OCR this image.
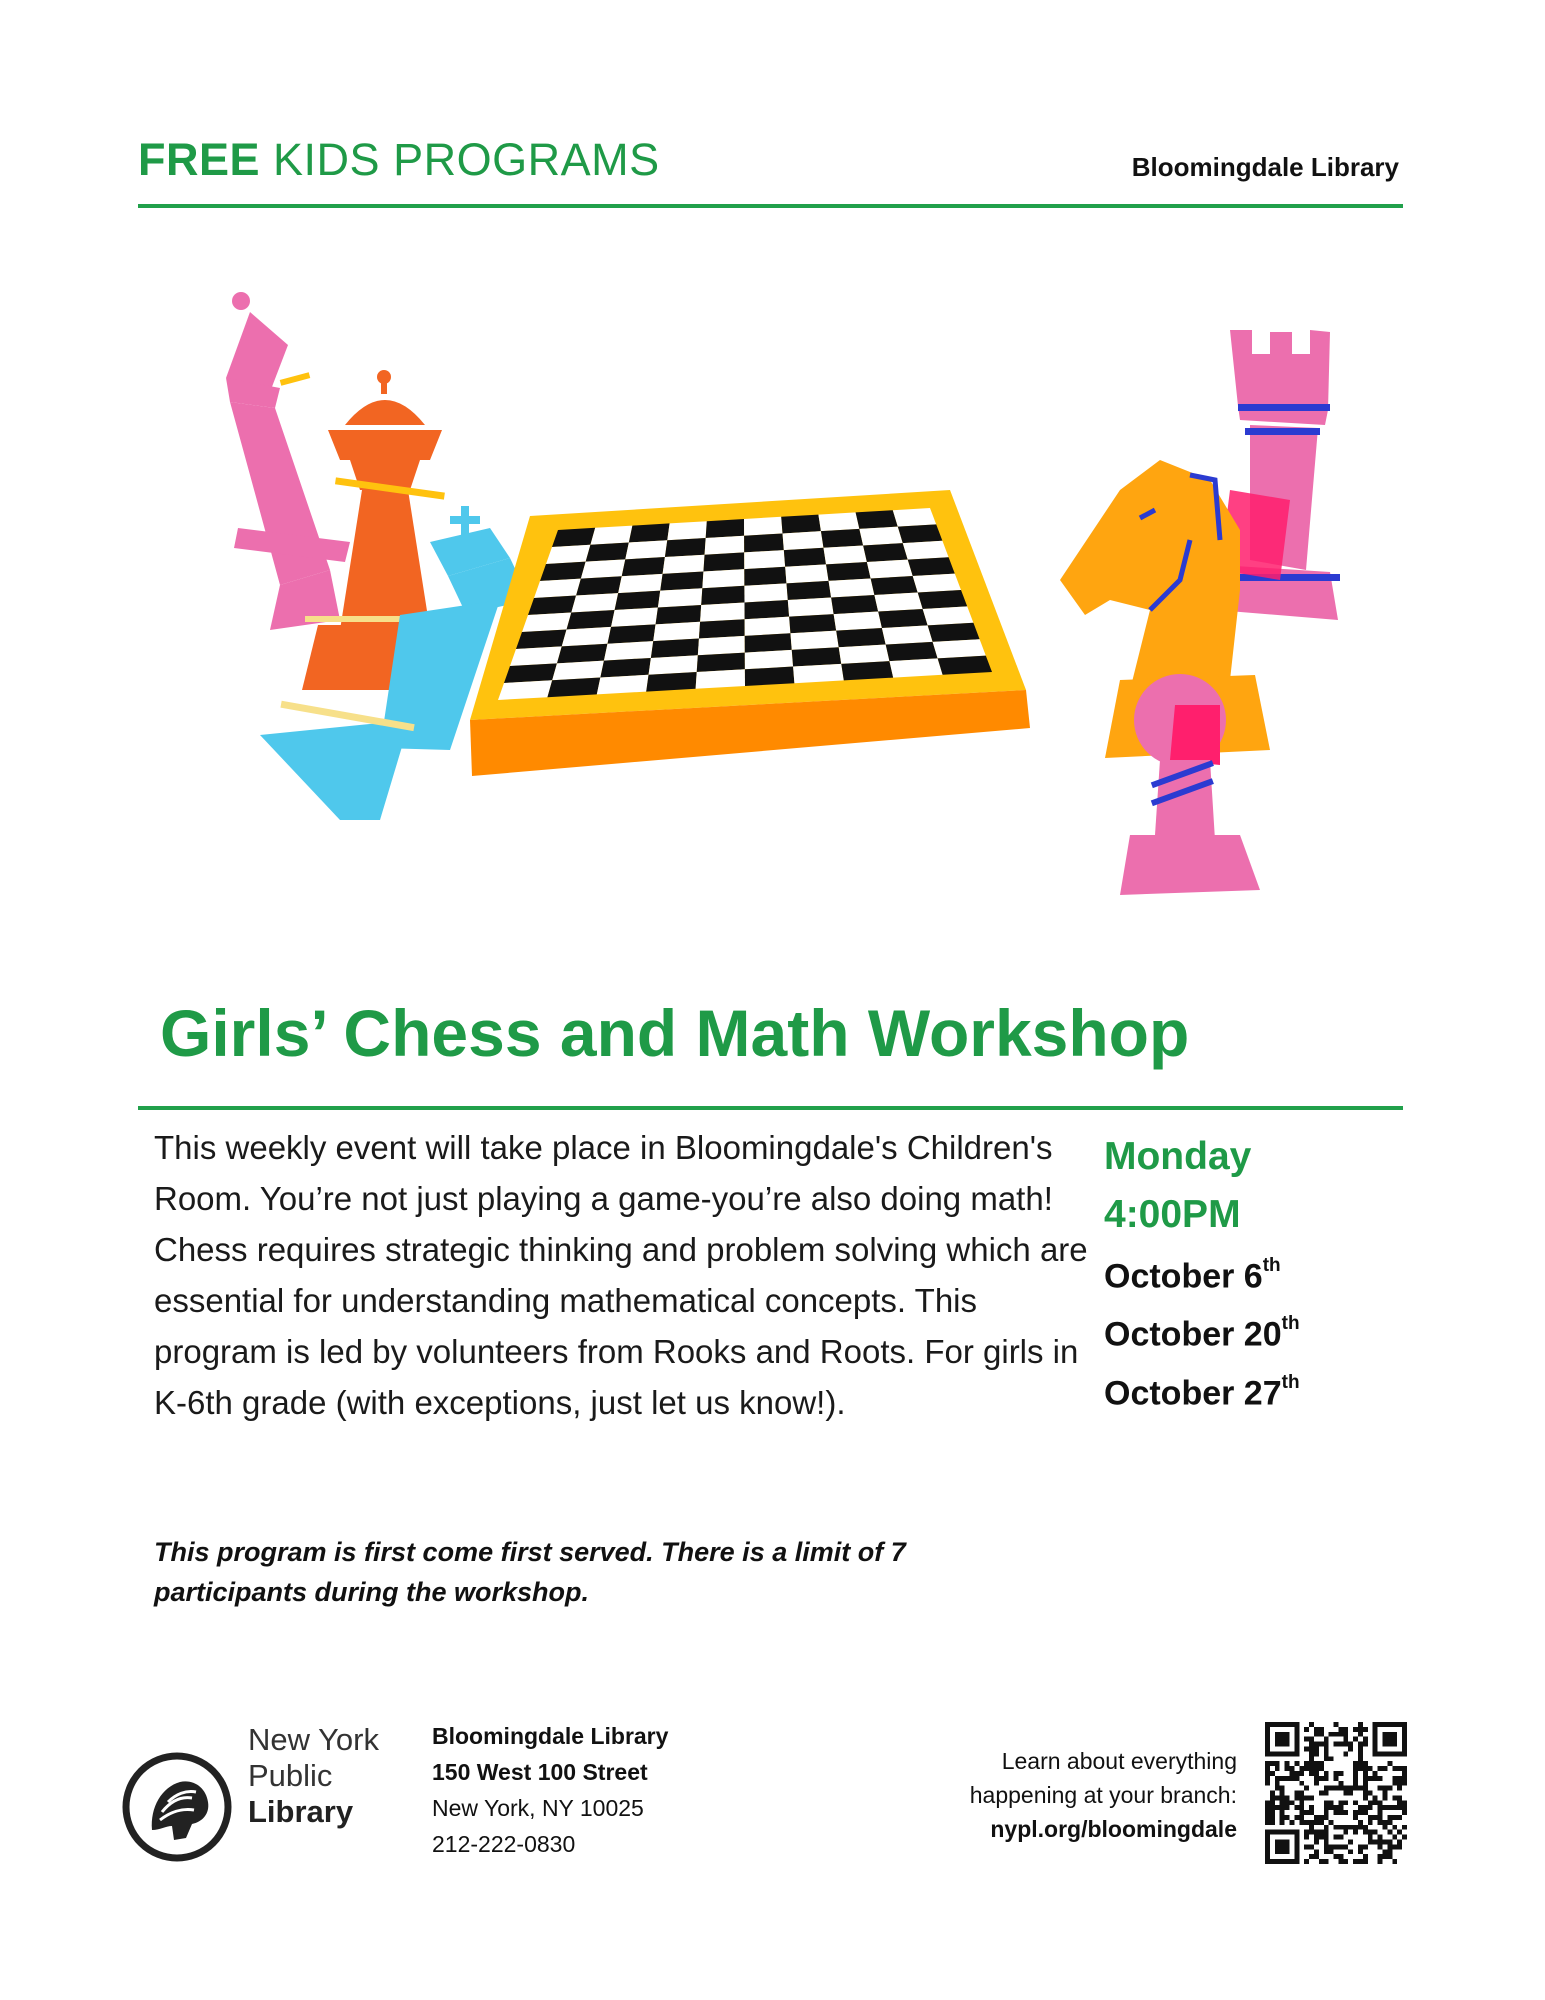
FREE KIDS PROGRAMS	Bloomingdale Library
Girls’ Chess and Math Workshop
This weekly event will take place in Bloomingdale's Children's Room. You’re not just playing a game-you’re also doing math! Chess requires strategic thinking and problem solving which are essential for understanding mathematical concepts. This program is led by volunteers from Rooks and Roots. For girls in K-6th grade (with exceptions, just let us know!).
This program is first come first served. There is a limit of 7 participants during the workshop.
Monday
4:00PM
October 6th
October 20th
October 27th
New York
Public
Library
Bloomingdale Library
150 West 100 Street
New York, NY 10025
212-222-0830
Learn about everything
happening at your branch:
nypl.org/bloomingdale
